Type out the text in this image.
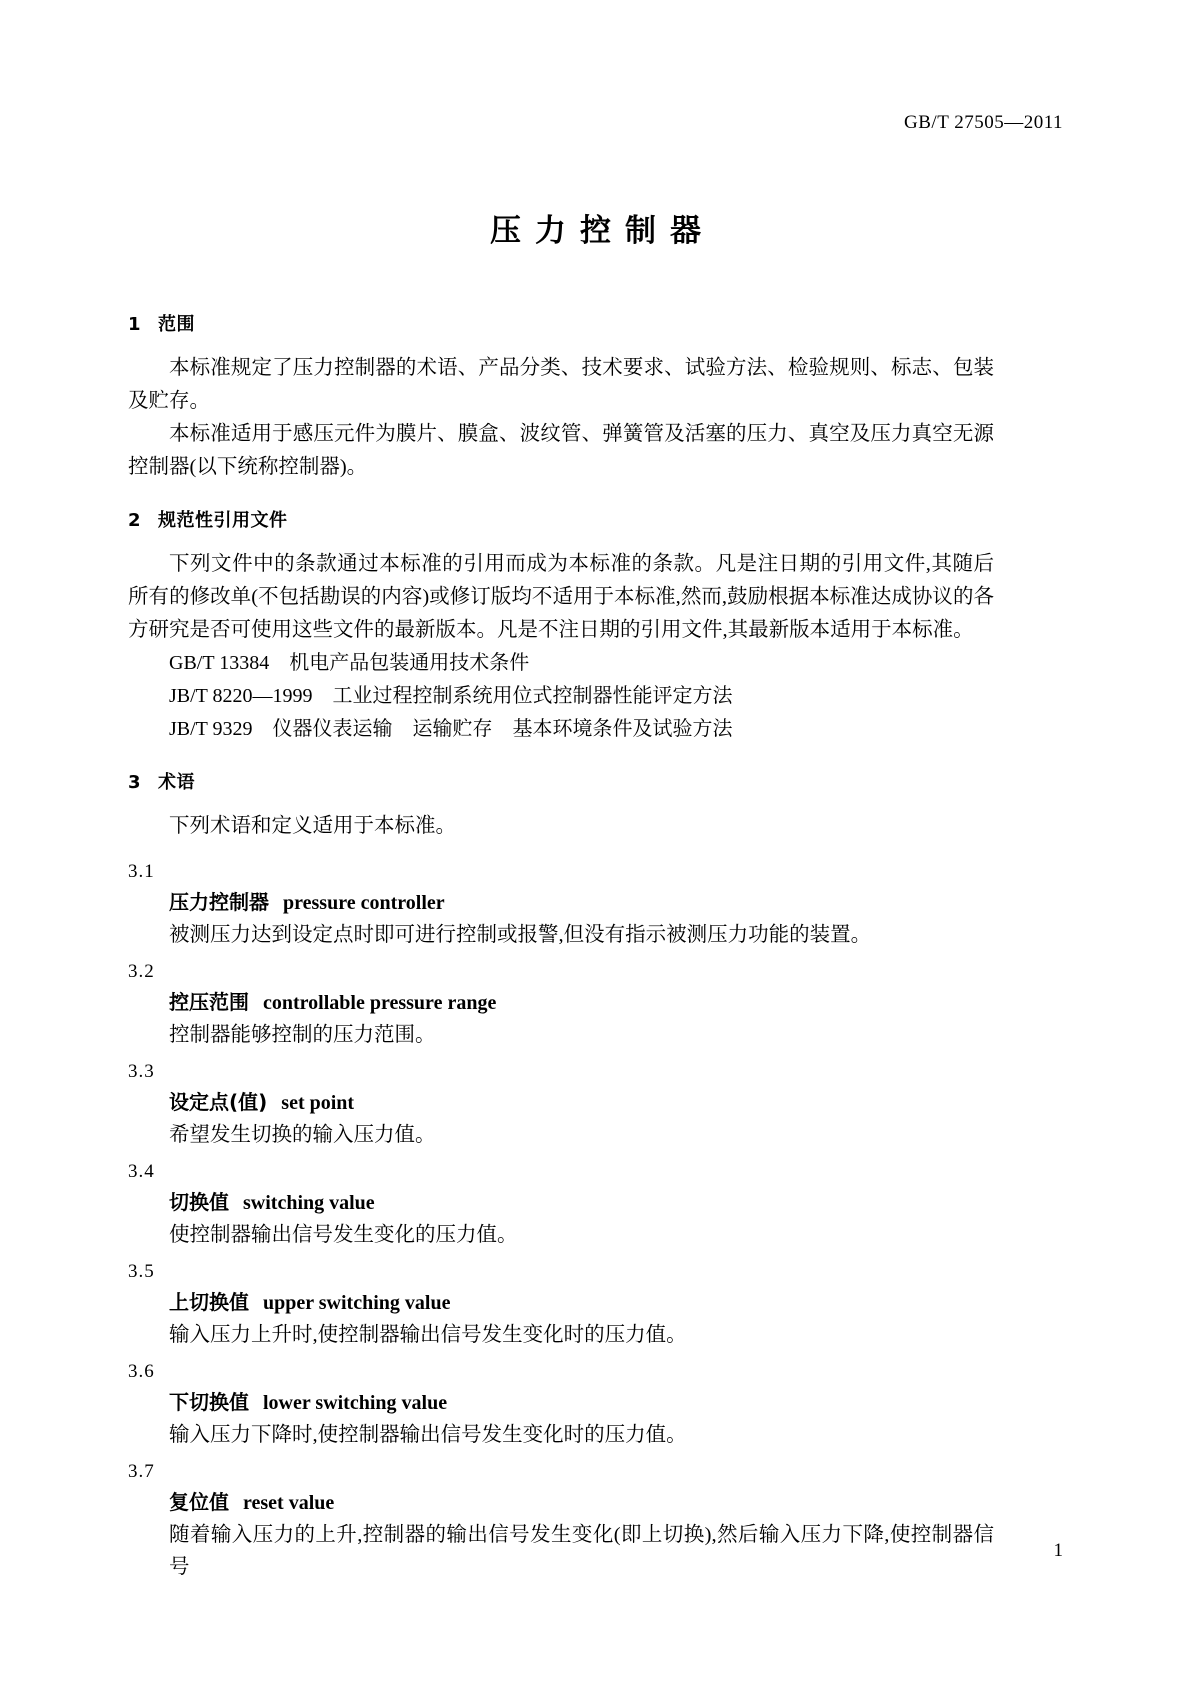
GB/T 27505—2011
压力控制器
1 范围

本标准规定了压力控制器的术语、产品分类、技术要求、试验方法、检验规则、标志、包装及贮存。

本标准适用于感压元件为膜片、膜盒、波纹管、弹簧管及活塞的压力、真空及压力真空无源控制器(以下统称控制器)。

2 规范性引用文件

下列文件中的条款通过本标准的引用而成为本标准的条款。凡是注日期的引用文件,其随后所有的修改单(不包括勘误的内容)或修订版均不适用于本标准,然而,鼓励根据本标准达成协议的各方研究是否可使用这些文件的最新版本。凡是不注日期的引用文件,其最新版本适用于本标准。

GB/T 13384 机电产品包装通用技术条件

JB/T 8220—1999 工业过程控制系统用位式控制器性能评定方法

JB/T 9329 仪器仪表运输 运输贮存 基本环境条件及试验方法

3 术语

下列术语和定义适用于本标准。

3.1

压力控制器 pressure controller

被测压力达到设定点时即可进行控制或报警,但没有指示被测压力功能的装置。

3.2

控压范围 controllable pressure range

控制器能够控制的压力范围。

3.3

设定点(值) set point

希望发生切换的输入压力值。

3.4

切换值 switching value

使控制器输出信号发生变化的压力值。

3.5

上切换值 upper switching value

输入压力上升时,使控制器输出信号发生变化时的压力值。

3.6

下切换值 lower switching value

输入压力下降时,使控制器输出信号发生变化时的压力值。

3.7

复位值 reset value

随着输入压力的上升,控制器的输出信号发生变化(即上切换),然后输入压力下降,使控制器信号

1
